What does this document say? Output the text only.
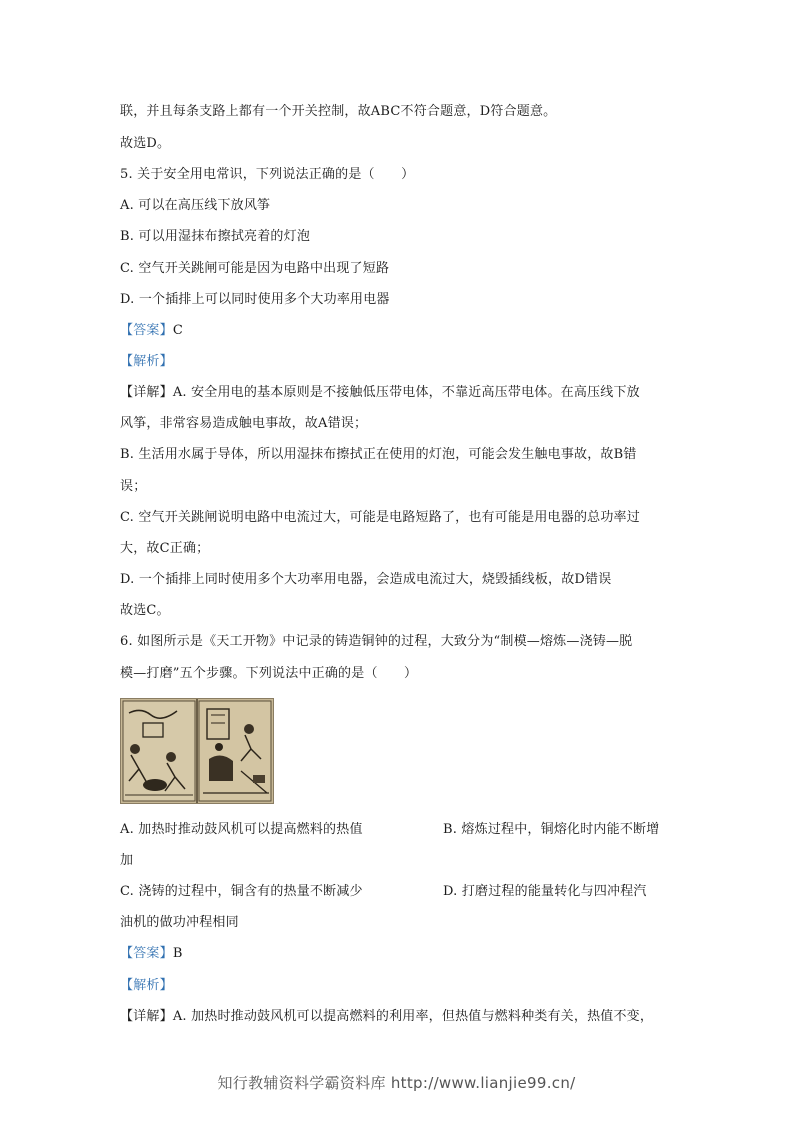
联，并且每条支路上都有一个开关控制，故ABC不符合题意，D符合题意。
故选D。
5. 关于安全用电常识，下列说法正确的是（　　）
A. 可以在高压线下放风筝
B. 可以用湿抹布擦拭亮着的灯泡
C. 空气开关跳闸可能是因为电路中出现了短路
D. 一个插排上可以同时使用多个大功率用电器
【答案】C
【解析】
【详解】A. 安全用电的基本原则是不接触低压带电体，不靠近高压带电体。在高压线下放
风筝，非常容易造成触电事故，故A错误；
B. 生活用水属于导体，所以用湿抹布擦拭正在使用的灯泡，可能会发生触电事故，故B错
误；
C. 空气开关跳闸说明电路中电流过大，可能是电路短路了，也有可能是用电器的总功率过
大，故C正确；
D. 一个插排上同时使用多个大功率用电器，会造成电流过大，烧毁插线板，故D错误
故选C。
6. 如图所示是《天工开物》中记录的铸造铜钟的过程，大致分为“制模—熔炼—浇铸—脱
模—打磨”五个步骤。下列说法中正确的是（　　）
A. 加热时推动鼓风机可以提高燃料的热值	B. 熔炼过程中，铜熔化时内能不断增
加
C. 浇铸的过程中，铜含有的热量不断减少	D. 打磨过程的能量转化与四冲程汽
油机的做功冲程相同
【答案】B
【解析】
【详解】A. 加热时推动鼓风机可以提高燃料的利用率，但热值与燃料种类有关，热值不变，
知行教辅资料学霸资料库 http://www.lianjie99.cn/
